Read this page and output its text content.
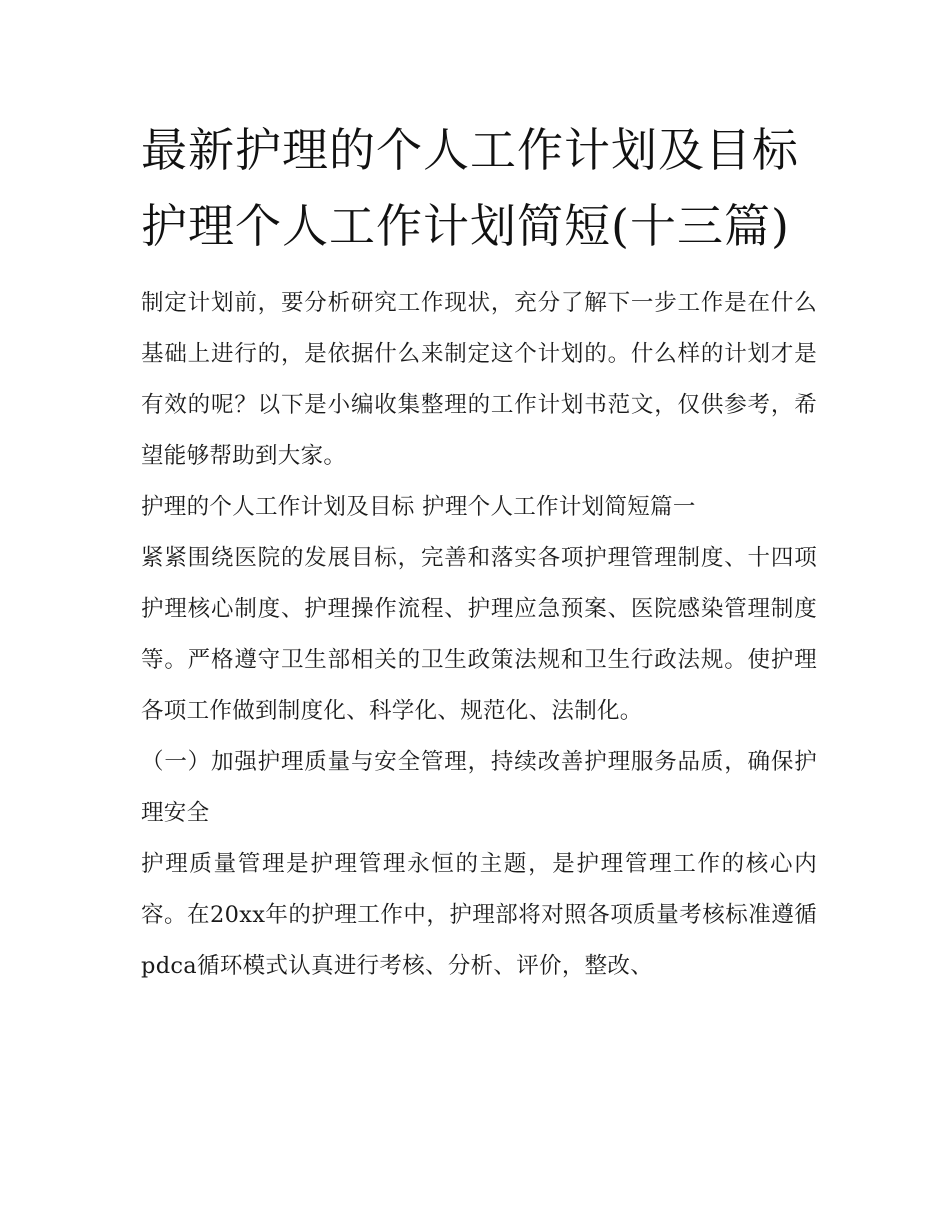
最新护理的个人工作计划及目标 护理个人工作计划简短(十三篇)

制定计划前，要分析研究工作现状，充分了解下一步工作是在什么基础上进行的，是依据什么来制定这个计划的。什么样的计划才是有效的呢？以下是小编收集整理的工作计划书范文，仅供参考，希望能够帮助到大家。

护理的个人工作计划及目标 护理个人工作计划简短篇一

紧紧围绕医院的发展目标，完善和落实各项护理管理制度、十四项护理核心制度、护理操作流程、护理应急预案、医院感染管理制度等。严格遵守卫生部相关的卫生政策法规和卫生行政法规。使护理各项工作做到制度化、科学化、规范化、法制化。

（一）加强护理质量与安全管理，持续改善护理服务品质，确保护理安全

护理质量管理是护理管理永恒的主题，是护理管理工作的核心内容。在20xx年的护理工作中，护理部将对照各项质量考核标准遵循pdca循环模式认真进行考核、分析、评价，整改、
